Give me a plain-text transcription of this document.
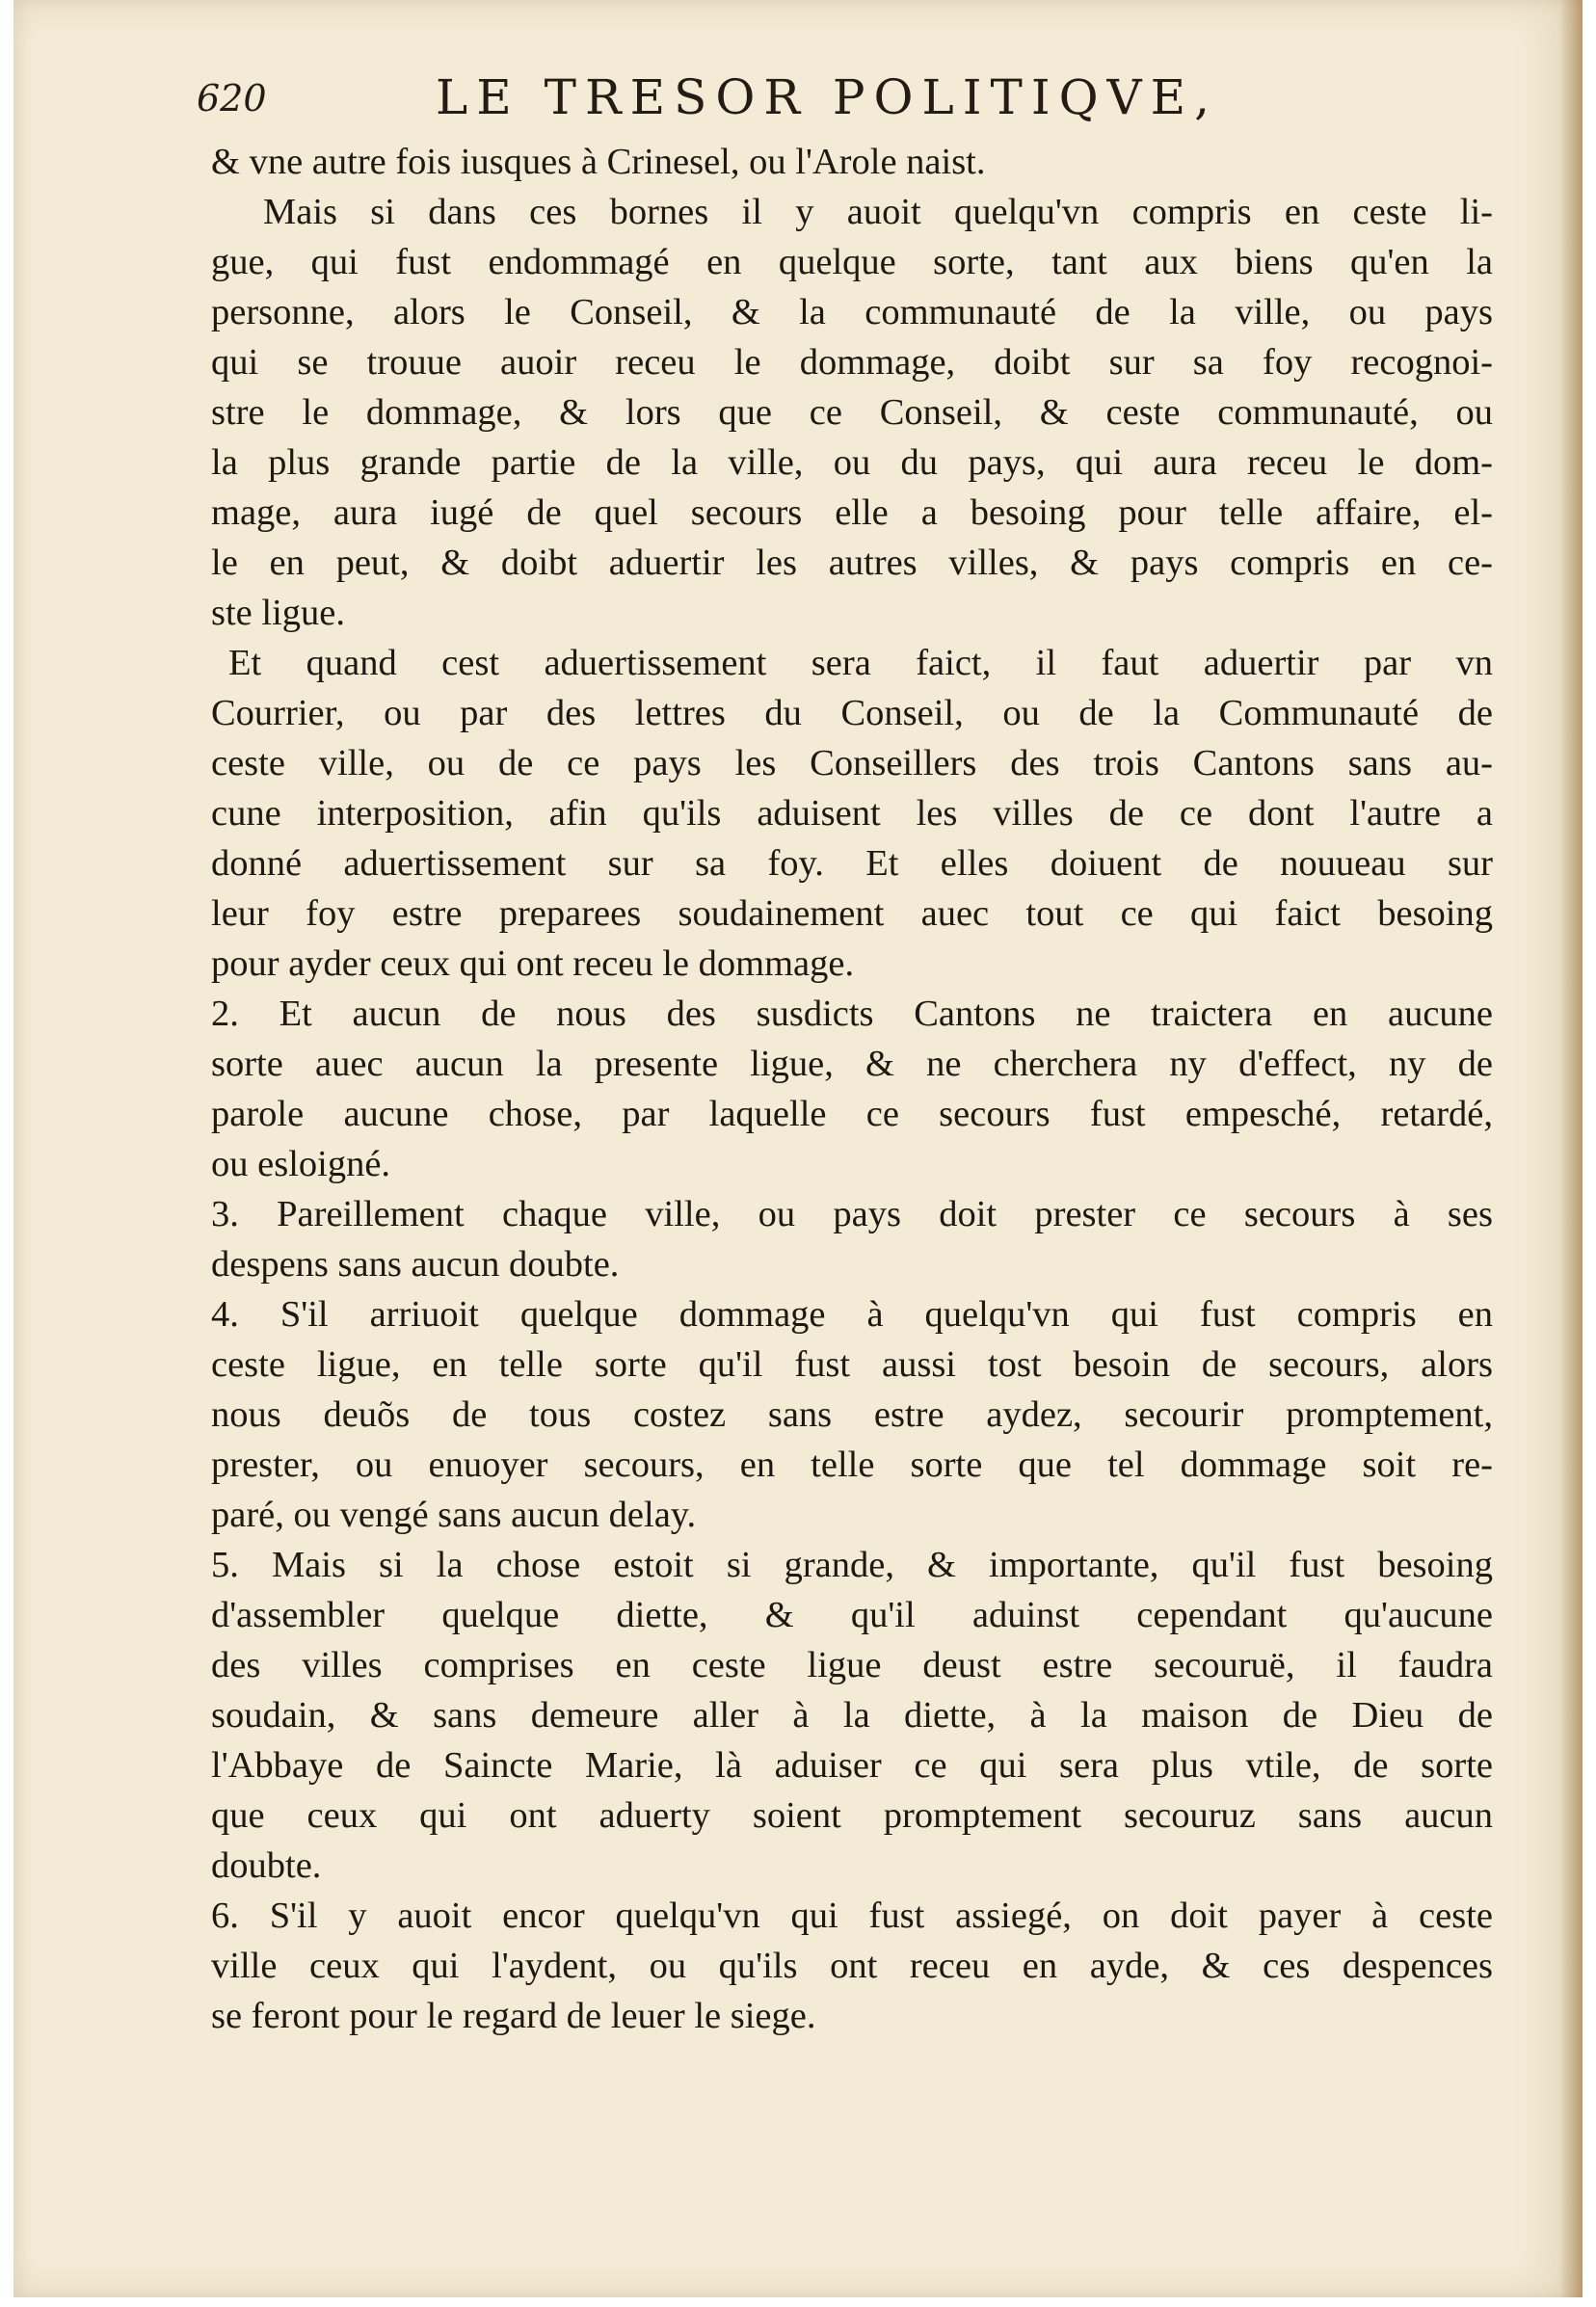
620	LE TRESOR POLITIQVE,
& vne autre fois iusques à Crinesel, ou l'Arole naist.
Mais si dans ces bornes il y auoit quelqu'vn compris en ceste li-
gue, qui fust endommagé en quelque sorte, tant aux biens qu'en la
personne, alors le Conseil, & la communauté de la ville, ou pays
qui se trouue auoir receu le dommage, doibt sur sa foy recognoi-
stre le dommage, & lors que ce Conseil, & ceste communauté, ou
la plus grande partie de la ville, ou du pays, qui aura receu le dom-
mage, aura iugé de quel secours elle a besoing pour telle affaire, el-
le en peut, & doibt aduertir les autres villes, & pays compris en ce-
ste ligue.
Et quand cest aduertissement sera faict, il faut aduertir par vn
Courrier, ou par des lettres du Conseil, ou de la Communauté de
ceste ville, ou de ce pays les Conseillers des trois Cantons sans au-
cune interposition, afin qu'ils aduisent les villes de ce dont l'autre a
donné aduertissement sur sa foy. Et elles doiuent de nouueau sur
leur foy estre preparees soudainement auec tout ce qui faict besoing
pour ayder ceux qui ont receu le dommage.
2. Et aucun de nous des susdicts Cantons ne traictera en aucune
sorte auec aucun la presente ligue, & ne cherchera ny d'effect, ny de
parole aucune chose, par laquelle ce secours fust empesché, retardé,
ou esloigné.
3. Pareillement chaque ville, ou pays doit prester ce secours à ses
despens sans aucun doubte.
4. S'il arriuoit quelque dommage à quelqu'vn qui fust compris en
ceste ligue, en telle sorte qu'il fust aussi tost besoin de secours, alors
nous deuõs de tous costez sans estre aydez, secourir promptement,
prester, ou enuoyer secours, en telle sorte que tel dommage soit re-
paré, ou vengé sans aucun delay.
5. Mais si la chose estoit si grande, & importante, qu'il fust besoing
d'assembler quelque diette, & qu'il aduinst cependant qu'aucune
des villes comprises en ceste ligue deust estre secouruë, il faudra
soudain, & sans demeure aller à la diette, à la maison de Dieu de
l'Abbaye de Saincte Marie, là aduiser ce qui sera plus vtile, de sorte
que ceux qui ont aduerty soient promptement secouruz sans aucun
doubte.
6. S'il y auoit encor quelqu'vn qui fust assiegé, on doit payer à ceste
ville ceux qui l'aydent, ou qu'ils ont receu en ayde, & ces despences
se feront pour le regard de leuer le siege.
